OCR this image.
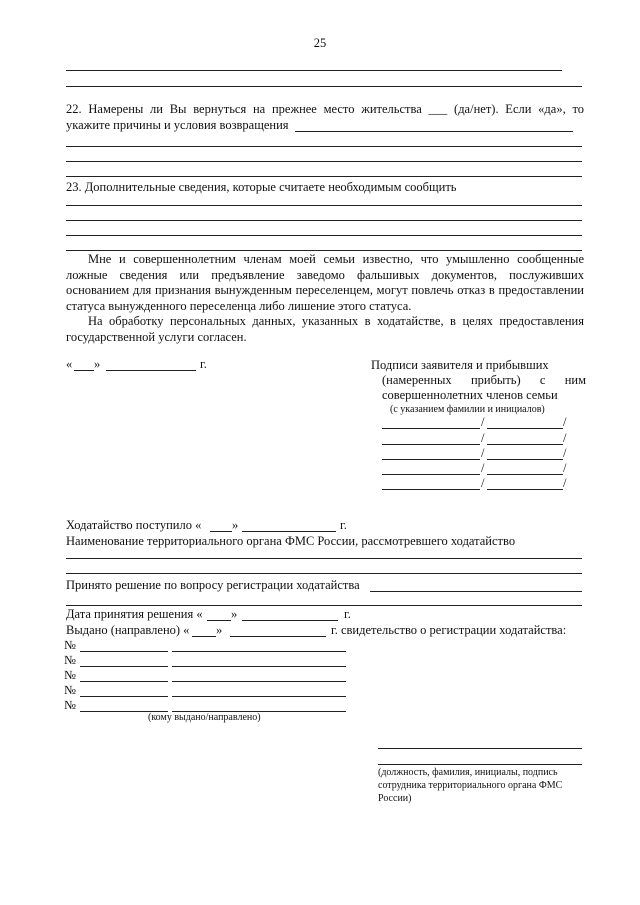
25
22. Намерены ли Вы вернуться на прежнее место жительства ___ (да/нет). Если «да», то
укажите причины и условия возвращения
23. Дополнительные сведения, которые считаете необходимым сообщить
Мне и совершеннолетним членам моей семьи известно, что умышленно сообщенные ложные сведения или предъявление заведомо фальшивых документов, послуживших основанием для признания вынужденным переселенцем, могут повлечь отказ в предоставлении статуса вынужденного переселенца либо лишение этого статуса.
На обработку персональных данных, указанных в ходатайстве, в целях предоставления государственной услуги согласен.
« »	г.	Подписи заявителя и прибывших
(намеренных прибыть) с ним
совершеннолетних членов семьи
(с указанием фамилии и инициалов)
/	/
/	/
/	/
/	/
/	/
Ходатайство поступило « »	г.
Наименование территориального органа ФМС России, рассмотревшего ходатайство
Принято решение по вопросу регистрации ходатайства
Дата принятия решения « »	г.
Выдано (направлено) « »	г. свидетельство о регистрации ходатайства:
№
№
№
№
№
(кому выдано/направлено)
(должность, фамилия, инициалы, подпись
сотрудника территориального органа ФМС
России)
